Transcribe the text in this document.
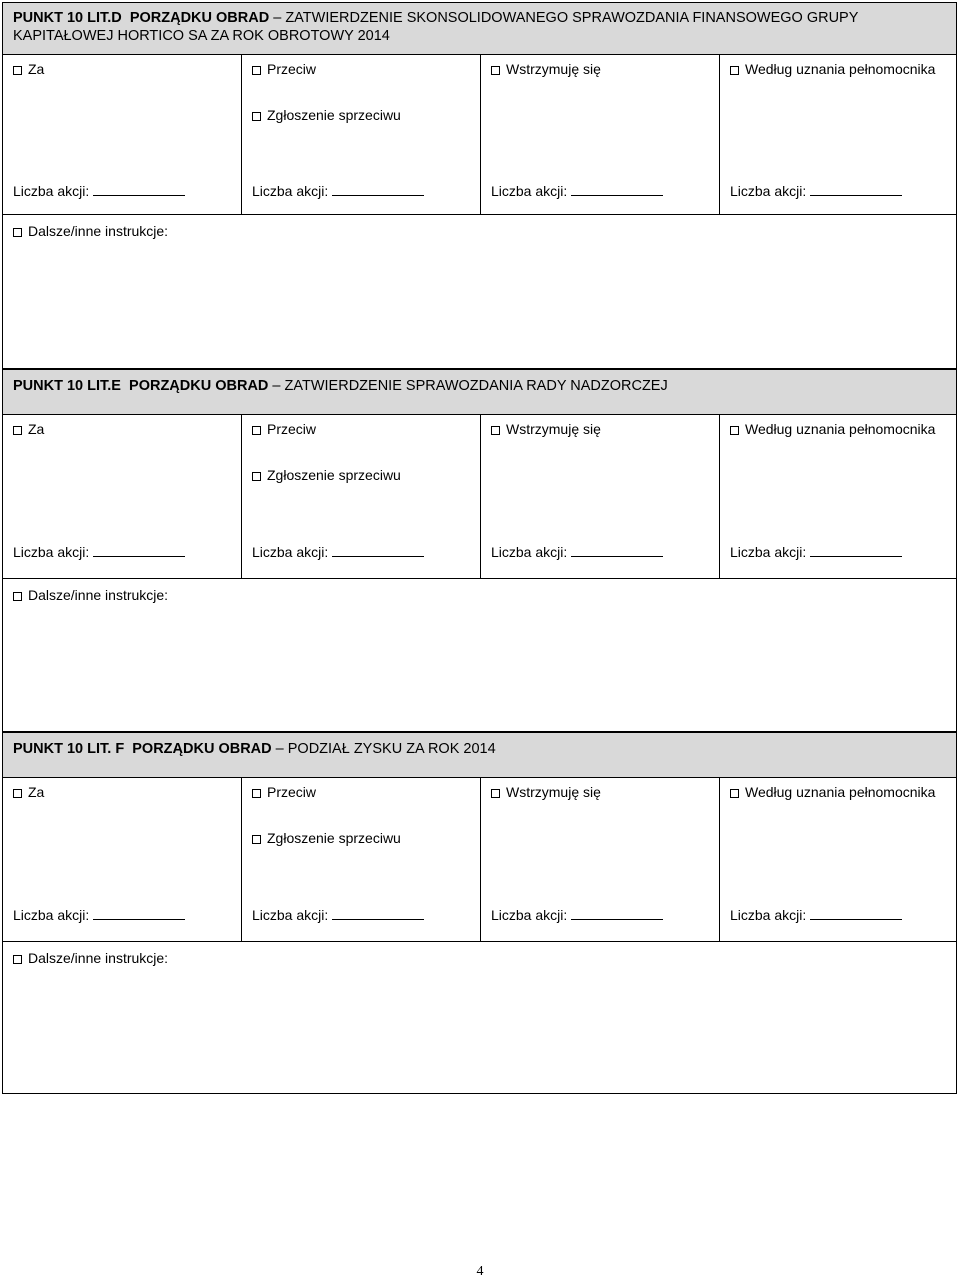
PUNKT 10 LIT.D PORZĄDKU OBRAD – ZATWIERDZENIE SKONSOLIDOWANEGO SPRAWOZDANIA FINANSOWEGO GRUPY KAPITAŁOWEJ HORTICO SA ZA ROK OBROTOWY 2014
Za
Liczba akcji:
Przeciw
Zgłoszenie sprzeciwu
Liczba akcji:
Wstrzymuję się
Liczba akcji:
Według uznania pełnomocnika
Liczba akcji:
Dalsze/inne instrukcje:
PUNKT 10 LIT.E PORZĄDKU OBRAD – ZATWIERDZENIE SPRAWOZDANIA RADY NADZORCZEJ
Za
Liczba akcji:
Przeciw
Zgłoszenie sprzeciwu
Liczba akcji:
Wstrzymuję się
Liczba akcji:
Według uznania pełnomocnika
Liczba akcji:
Dalsze/inne instrukcje:
PUNKT 10 LIT. F PORZĄDKU OBRAD – PODZIAŁ ZYSKU ZA ROK 2014
Za
Liczba akcji:
Przeciw
Zgłoszenie sprzeciwu
Liczba akcji:
Wstrzymuję się
Liczba akcji:
Według uznania pełnomocnika
Liczba akcji:
Dalsze/inne instrukcje:
4
